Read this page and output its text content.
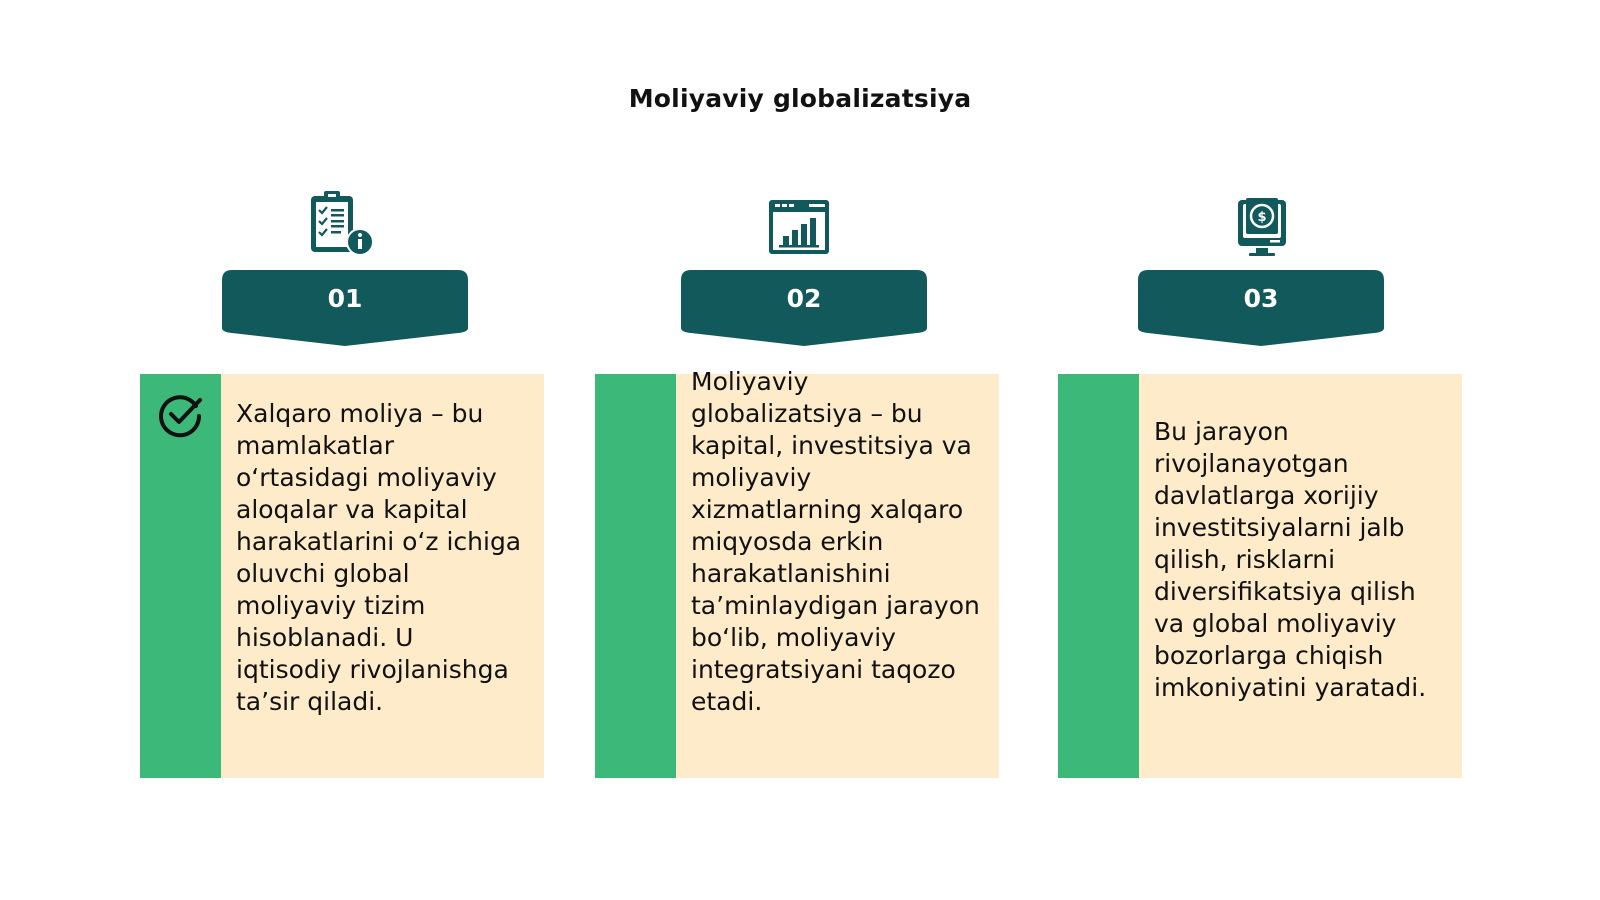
Moliyaviy globalizatsiya
01
Xalqaro moliya – bu mamlakatlar o‘rtasidagi moliyaviy aloqalar va kapital harakatlarini o‘z ichiga oluvchi global moliyaviy tizim hisoblanadi. U iqtisodiy rivojlanishga ta’sir qiladi.
02
Moliyaviy globalizatsiya – bu kapital, investitsiya va moliyaviy xizmatlarning xalqaro miqyosda erkin harakatlanishini ta’minlaydigan jarayon bo‘lib, moliyaviy integratsiyani taqozo etadi.
$
03
Bu jarayon rivojlanayotgan davlatlarga xorijiy investitsiyalarni jalb qilish, risklarni diversifikatsiya qilish va global moliyaviy bozorlarga chiqish imkoniyatini yaratadi.
